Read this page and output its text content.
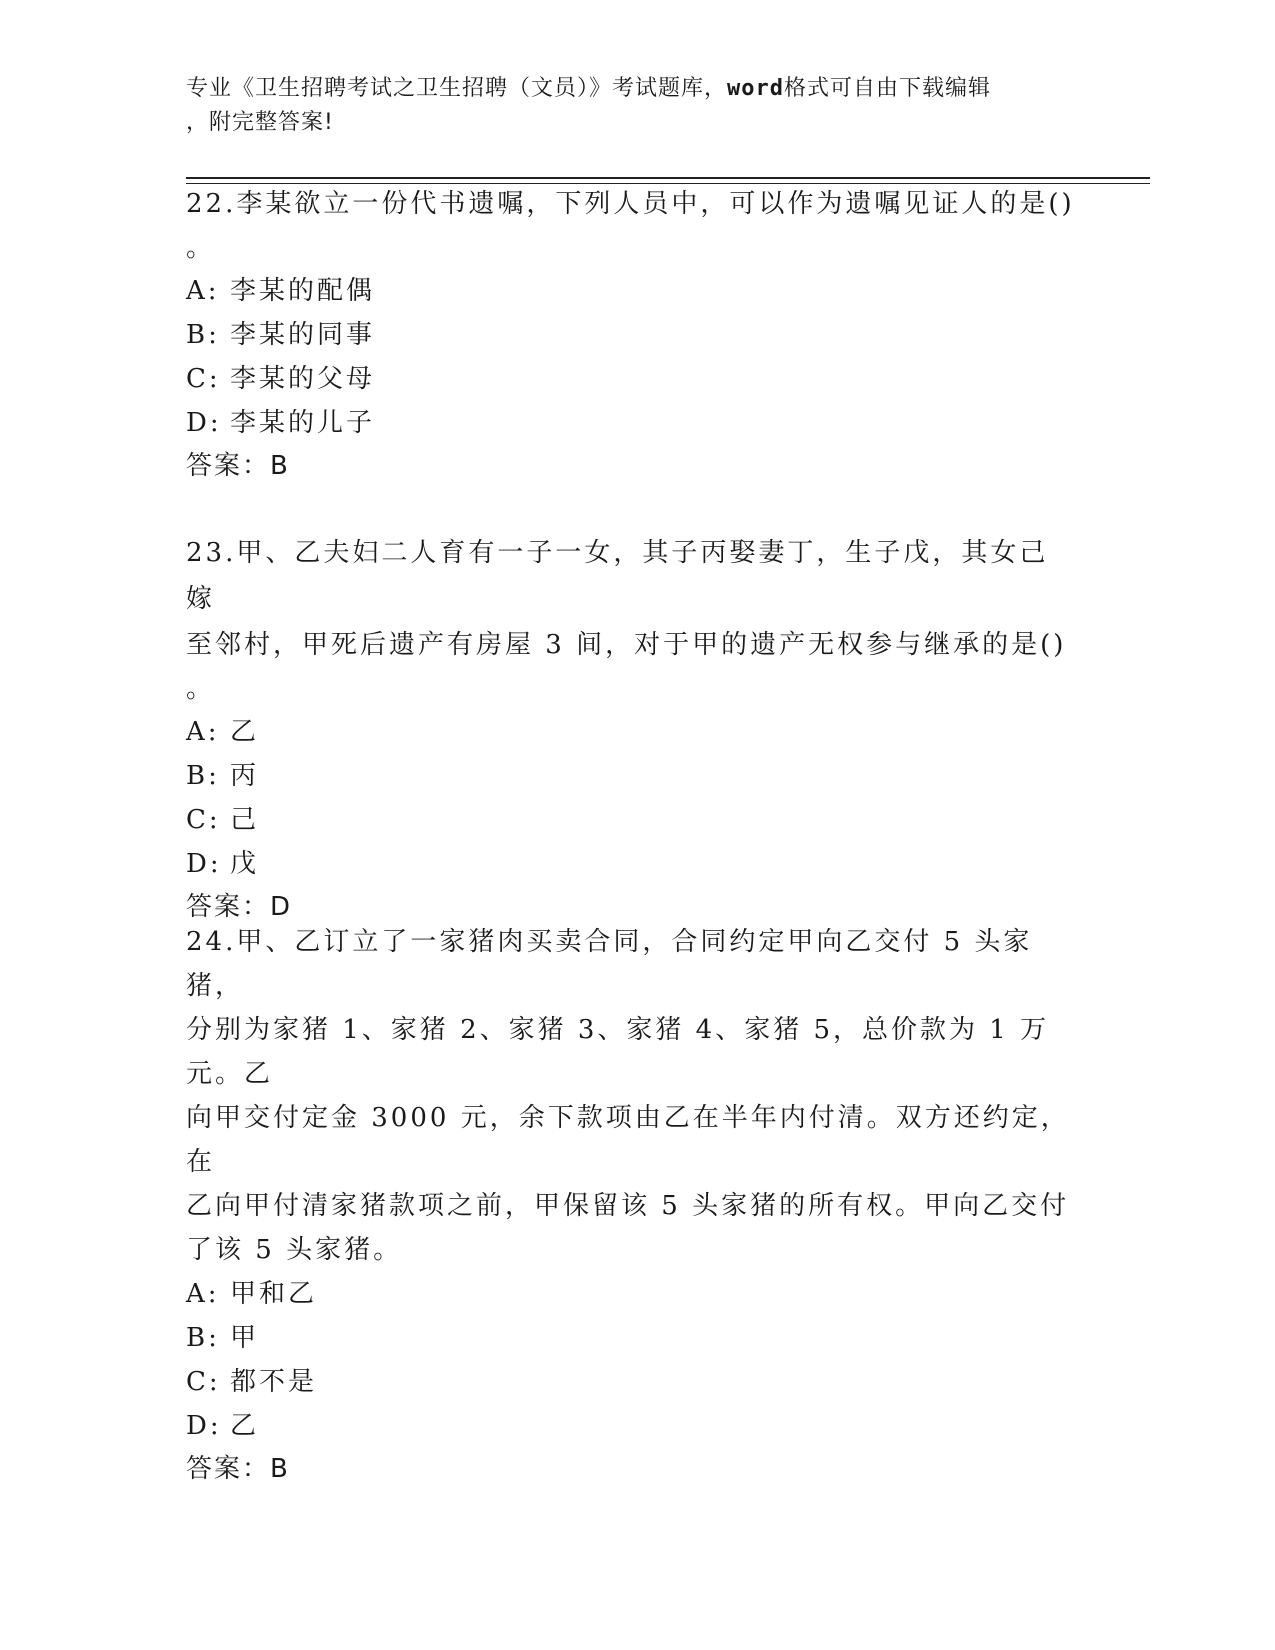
专业《卫生招聘考试之卫生招聘（文员）》考试题库，word格式可自由下载编辑
，附完整答案!

22.李某欲立一份代书遗嘱，下列人员中，可以作为遗嘱见证人的是()

。

A: 李某的配偶

B: 李某的同事

C: 李某的父母

D: 李某的儿子

答案：B

23.甲、乙夫妇二人育有一子一女，其子丙娶妻丁，生子戊，其女己嫁

至邻村，甲死后遗产有房屋 3 间，对于甲的遗产无权参与继承的是()

。

A: 乙

B: 丙

C: 己

D: 戊

答案：D

24.甲、乙订立了一家猪肉买卖合同，合同约定甲向乙交付 5 头家猪，

分别为家猪 1、家猪 2、家猪 3、家猪 4、家猪 5，总价款为 1 万元。乙

向甲交付定金 3000 元，余下款项由乙在半年内付清。双方还约定，在

乙向甲付清家猪款项之前，甲保留该 5 头家猪的所有权。甲向乙交付

了该 5 头家猪。

A: 甲和乙

B: 甲

C: 都不是

D: 乙

答案：B
